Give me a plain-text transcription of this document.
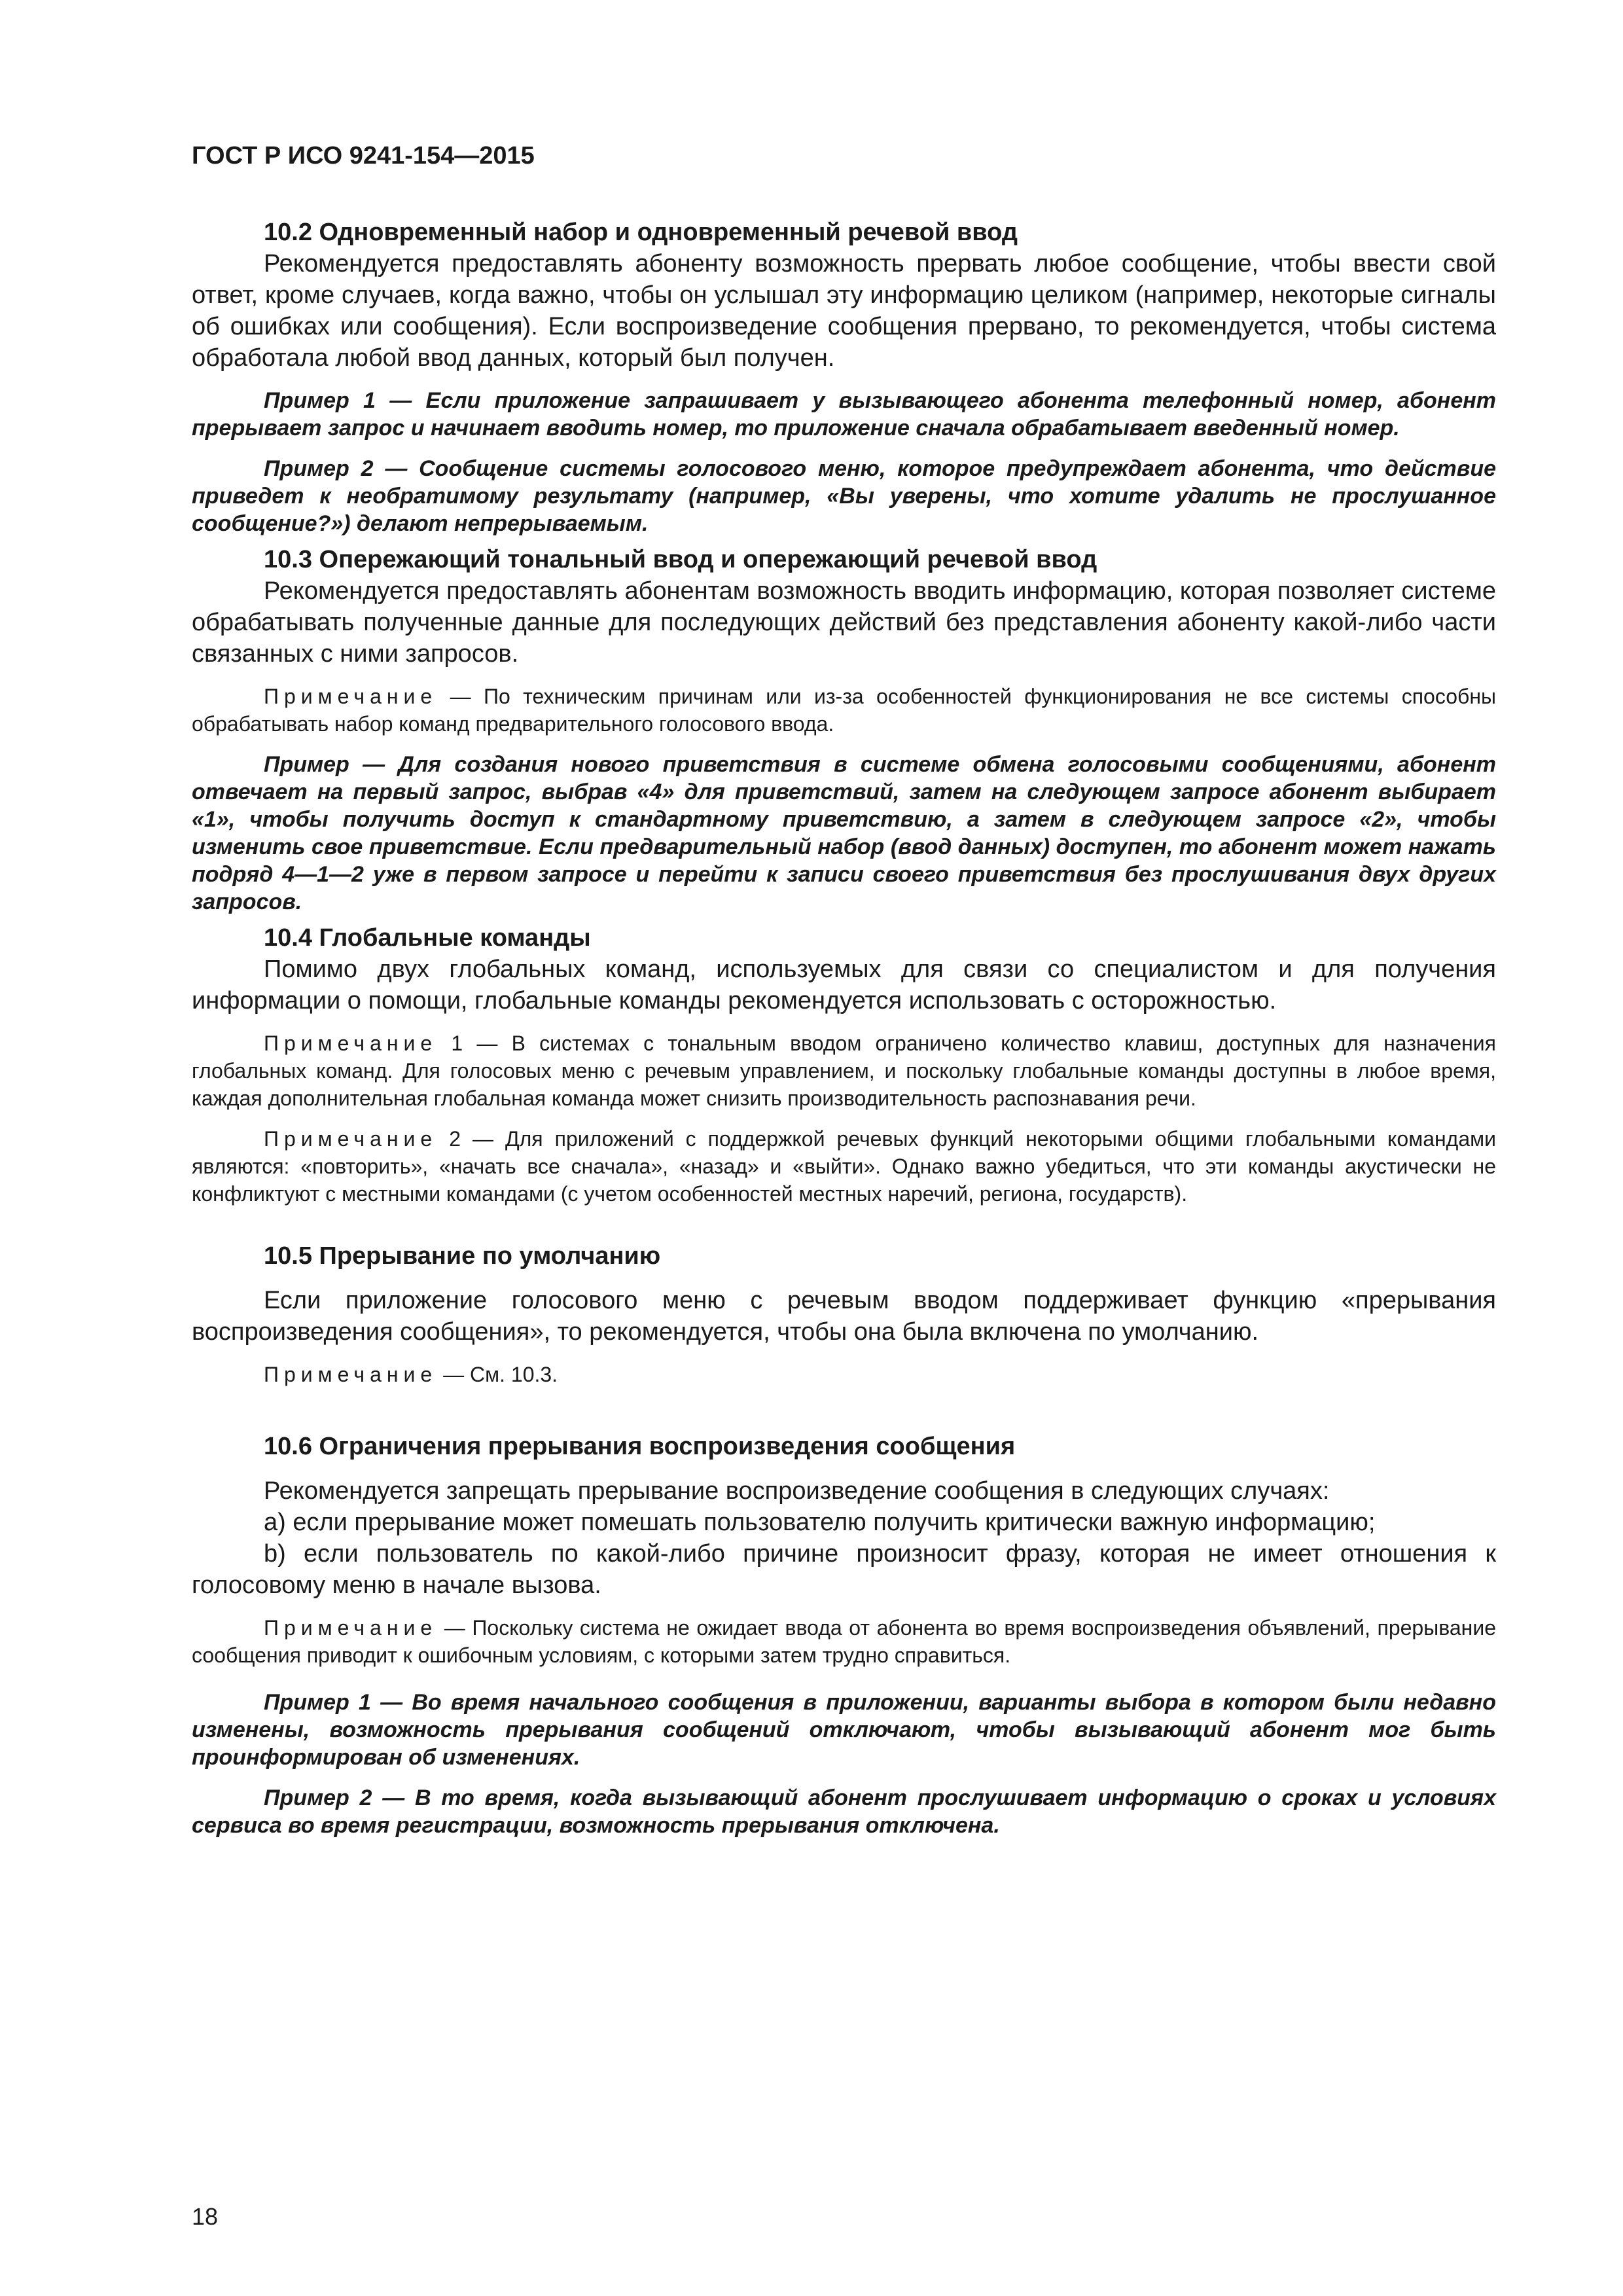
ГОСТ Р ИСО 9241-154—2015
10.2 Одновременный набор и одновременный речевой ввод

Рекомендуется предоставлять абоненту возможность прервать любое сообщение, чтобы ввести свой ответ, кроме случаев, когда важно, чтобы он услышал эту информацию целиком (например, некоторые сигналы об ошибках или сообщения). Если воспроизведение сообщения прервано, то рекомендуется, чтобы система обработала любой ввод данных, который был получен.

Пример 1 — Если приложение запрашивает у вызывающего абонента телефонный номер, абонент прерывает запрос и начинает вводить номер, то приложение сначала обрабатывает введенный номер.

Пример 2 — Сообщение системы голосового меню, которое предупреждает абонента, что действие приведет к необратимому результату (например, «Вы уверены, что хотите удалить не прослушанное сообщение?») делают непрерываемым.

10.3 Опережающий тональный ввод и опережающий речевой ввод

Рекомендуется предоставлять абонентам возможность вводить информацию, которая позволяет системе обрабатывать полученные данные для последующих действий без представления абоненту какой-либо части связанных с ними запросов.

Примечание — По техническим причинам или из-за особенностей функционирования не все системы способны обрабатывать набор команд предварительного голосового ввода.

Пример — Для создания нового приветствия в системе обмена голосовыми сообщениями, абонент отвечает на первый запрос, выбрав «4» для приветствий, затем на следующем запросе абонент выбирает «1», чтобы получить доступ к стандартному приветствию, а затем в следующем запросе «2», чтобы изменить свое приветствие. Если предварительный набор (ввод данных) доступен, то абонент может нажать подряд 4—1—2 уже в первом запросе и перейти к записи своего приветствия без прослушивания двух других запросов.

10.4 Глобальные команды

Помимо двух глобальных команд, используемых для связи со специалистом и для получения информации о помощи, глобальные команды рекомендуется использовать с осторожностью.

Примечание 1 — В системах с тональным вводом ограничено количество клавиш, доступных для назначения глобальных команд. Для голосовых меню с речевым управлением, и поскольку глобальные команды доступны в любое время, каждая дополнительная глобальная команда может снизить производительность распознавания речи.

Примечание 2 — Для приложений с поддержкой речевых функций некоторыми общими глобальными командами являются: «повторить», «начать все сначала», «назад» и «выйти». Однако важно убедиться, что эти команды акустически не конфликтуют с местными командами (с учетом особенностей местных наречий, региона, государств).

10.5 Прерывание по умолчанию

Если приложение голосового меню с речевым вводом поддерживает функцию «прерывания воспроизведения сообщения», то рекомендуется, чтобы она была включена по умолчанию.

Примечание — См. 10.3.

10.6 Ограничения прерывания воспроизведения сообщения

Рекомендуется запрещать прерывание воспроизведение сообщения в следующих случаях:

a) если прерывание может помешать пользователю получить критически важную информацию;

b) если пользователь по какой-либо причине произносит фразу, которая не имеет отношения к голосовому меню в начале вызова.

Примечание — Поскольку система не ожидает ввода от абонента во время воспроизведения объявлений, прерывание сообщения приводит к ошибочным условиям, с которыми затем трудно справиться.

Пример 1 — Во время начального сообщения в приложении, варианты выбора в котором были недавно изменены, возможность прерывания сообщений отключают, чтобы вызывающий абонент мог быть проинформирован об изменениях.

Пример 2 — В то время, когда вызывающий абонент прослушивает информацию о сроках и условиях сервиса во время регистрации, возможность прерывания отключена.

18
